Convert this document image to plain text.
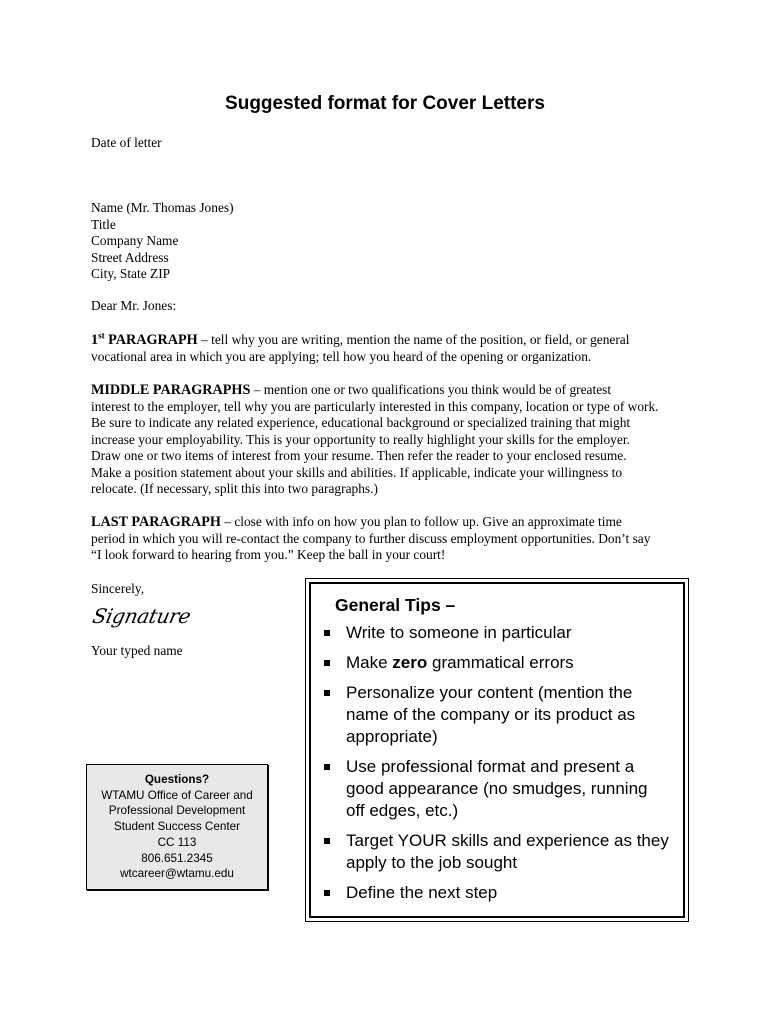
Suggested format for Cover Letters
Date of letter
Name (Mr. Thomas Jones)
Title
Company Name
Street Address
City, State ZIP
Dear Mr. Jones:
1st PARAGRAPH – tell why you are writing, mention the name of the position, or field, or general
vocational area in which you are applying; tell how you heard of the opening or organization.
MIDDLE PARAGRAPHS – mention one or two qualifications you think would be of greatest
interest to the employer, tell why you are particularly interested in this company, location or type of work.
Be sure to indicate any related experience, educational background or specialized training that might
increase your employability. This is your opportunity to really highlight your skills for the employer.
Draw one or two items of interest from your resume. Then refer the reader to your enclosed resume.
Make a position statement about your skills and abilities. If applicable, indicate your willingness to
relocate. (If necessary, split this into two paragraphs.)
LAST PARAGRAPH – close with info on how you plan to follow up. Give an approximate time
period in which you will re-contact the company to further discuss employment opportunities. Don’t say
“I look forward to hearing from you.” Keep the ball in your court!
Sincerely,
Signature
Your typed name
Questions?
WTAMU Office of Career and
Professional Development
Student Success Center
CC 113
806.651.2345
wtcareer@wtamu.edu
General Tips –
Write to someone in particular
Make zero grammatical errors
Personalize your content (mention the
name of the company or its product as
appropriate)
Use professional format and present a
good appearance (no smudges, running
off edges, etc.)
Target YOUR skills and experience as they
apply to the job sought
Define the next step
